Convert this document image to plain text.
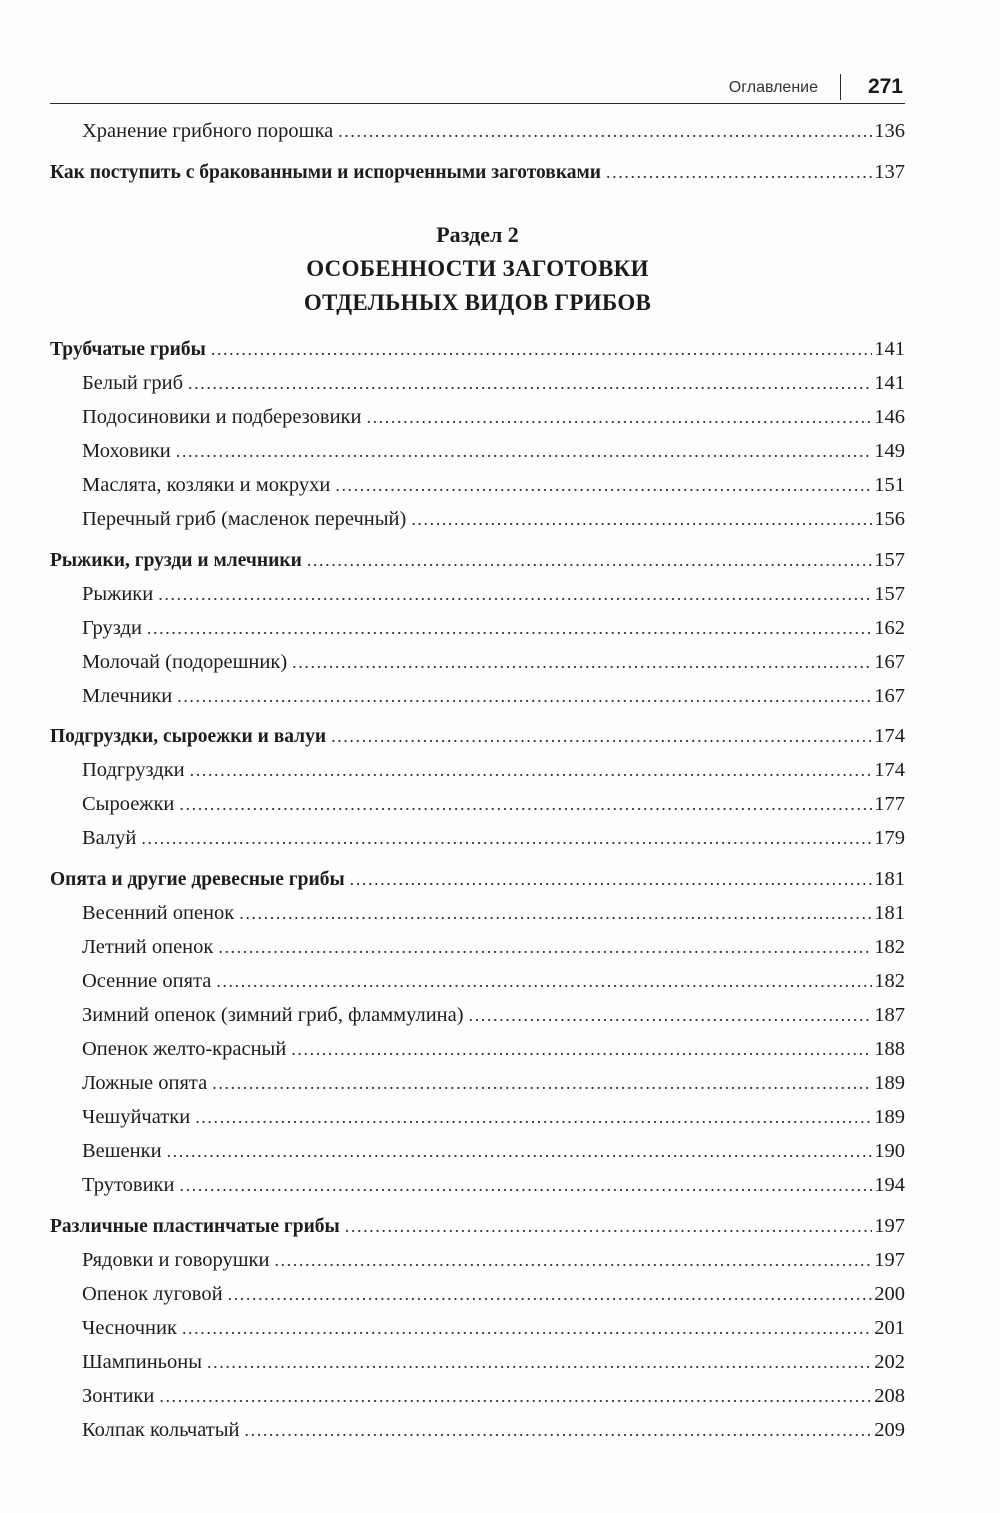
Оглавление 271
Хранение грибного порошка .....	136
Как поступить с бракованными и испорченными заготовками .....	137
Раздел 2
ОСОБЕННОСТИ ЗАГОТОВКИ
ОТДЕЛЬНЫХ ВИДОВ ГРИБОВ
Трубчатые грибы .....	141
Белый гриб .....	141
Подосиновики и подберезовики .....	146
Моховики .....	149
Маслята, козляки и мокрухи .....	151
Перечный гриб (масленок перечный) .....	156
Рыжики, грузди и млечники .....	157
Рыжики .....	157
Грузди .....	162
Молочай (подорешник) .....	167
Млечники .....	167
Подгруздки, сыроежки и валуи .....	174
Подгруздки .....	174
Сыроежки .....	177
Валуй .....	179
Опята и другие древесные грибы .....	181
Весенний опенок .....	181
Летний опенок .....	182
Осенние опята .....	182
Зимний опенок (зимний гриб, фламмулина) .....	187
Опенок желто-красный .....	188
Ложные опята .....	189
Чешуйчатки .....	189
Вешенки .....	190
Трутовики .....	194
Различные пластинчатые грибы .....	197
Рядовки и говорушки .....	197
Опенок луговой .....	200
Чесночник .....	201
Шампиньоны .....	202
Зонтики .....	208
Колпак кольчатый .....	209
